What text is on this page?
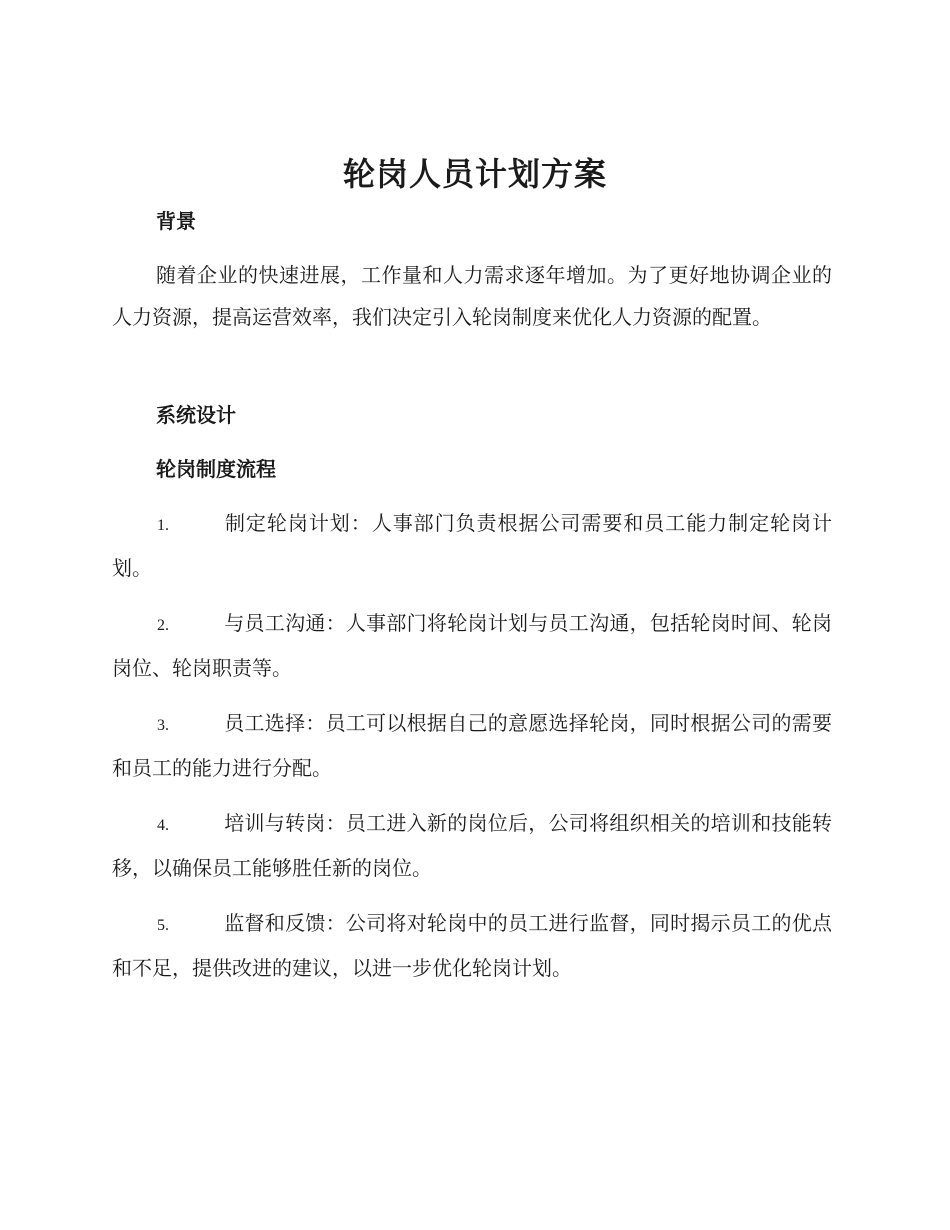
轮岗人员计划方案
背景
随着企业的快速进展，工作量和人力需求逐年增加。为了更好地协调企业的人力资源，提高运营效率，我们决定引入轮岗制度来优化人力资源的配置。
系统设计
轮岗制度流程
1.	制定轮岗计划：人事部门负责根据公司需要和员工能力制定轮岗计划。
2.	与员工沟通：人事部门将轮岗计划与员工沟通，包括轮岗时间、轮岗岗位、轮岗职责等。
3.	员工选择：员工可以根据自己的意愿选择轮岗，同时根据公司的需要和员工的能力进行分配。
4.	培训与转岗：员工进入新的岗位后，公司将组织相关的培训和技能转移，以确保员工能够胜任新的岗位。
5.	监督和反馈：公司将对轮岗中的员工进行监督，同时揭示员工的优点和不足，提供改进的建议，以进一步优化轮岗计划。
